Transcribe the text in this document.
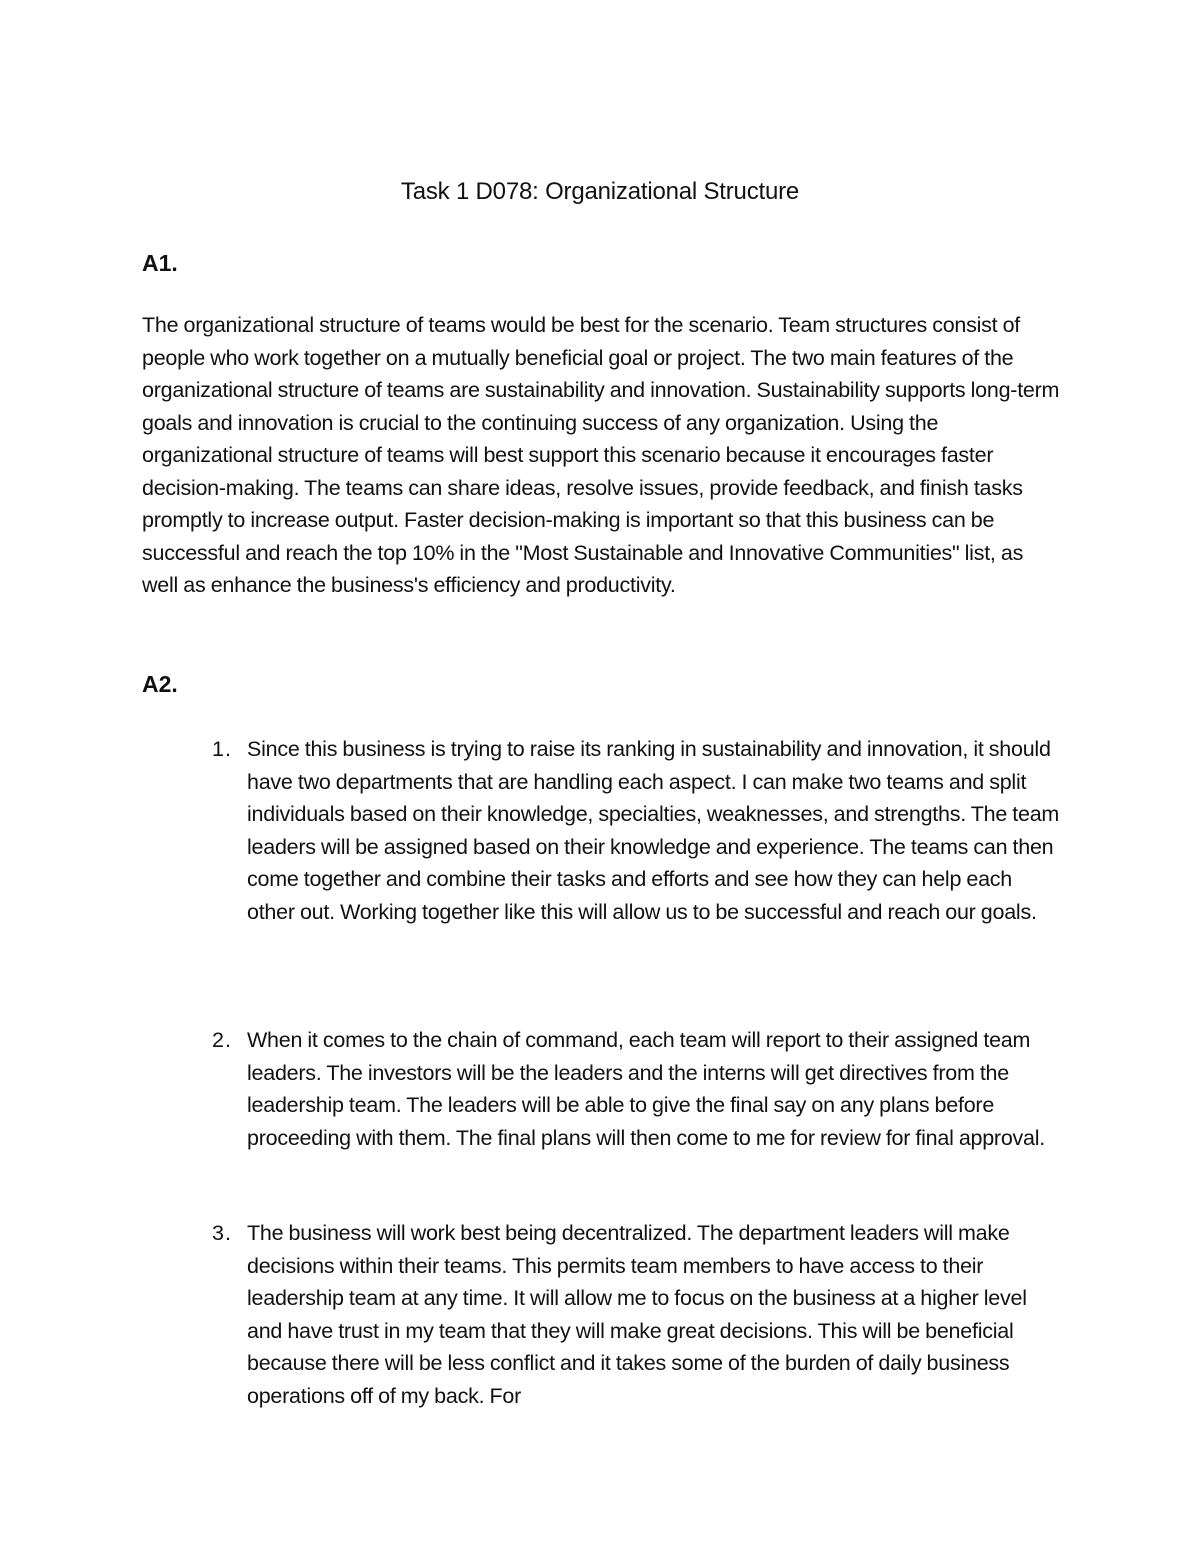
Task 1 D078: Organizational Structure
A1.

The organizational structure of teams would be best for the scenario. Team structures consist of people who work together on a mutually beneficial goal or project. The two main features of the organizational structure of teams are sustainability and innovation. Sustainability supports long-term goals and innovation is crucial to the continuing success of any organization. Using the organizational structure of teams will best support this scenario because it encourages faster decision-making. The teams can share ideas, resolve issues, provide feedback, and finish tasks promptly to increase output. Faster decision-making is important so that this business can be successful and reach the top 10% in the "Most Sustainable and Innovative Communities" list, as well as enhance the business's efficiency and productivity.

A2.
1. Since this business is trying to raise its ranking in sustainability and innovation, it should have two departments that are handling each aspect. I can make two teams and split individuals based on their knowledge, specialties, weaknesses, and strengths. The team leaders will be assigned based on their knowledge and experience. The teams can then come together and combine their tasks and efforts and see how they can help each other out. Working together like this will allow us to be successful and reach our goals.

2. When it comes to the chain of command, each team will report to their assigned team leaders. The investors will be the leaders and the interns will get directives from the leadership team. The leaders will be able to give the final say on any plans before proceeding with them. The final plans will then come to me for review for final approval.

3. The business will work best being decentralized. The department leaders will make decisions within their teams. This permits team members to have access to their leadership team at any time. It will allow me to focus on the business at a higher level and have trust in my team that they will make great decisions. This will be beneficial because there will be less conflict and it takes some of the burden of daily business operations off of my back. For
